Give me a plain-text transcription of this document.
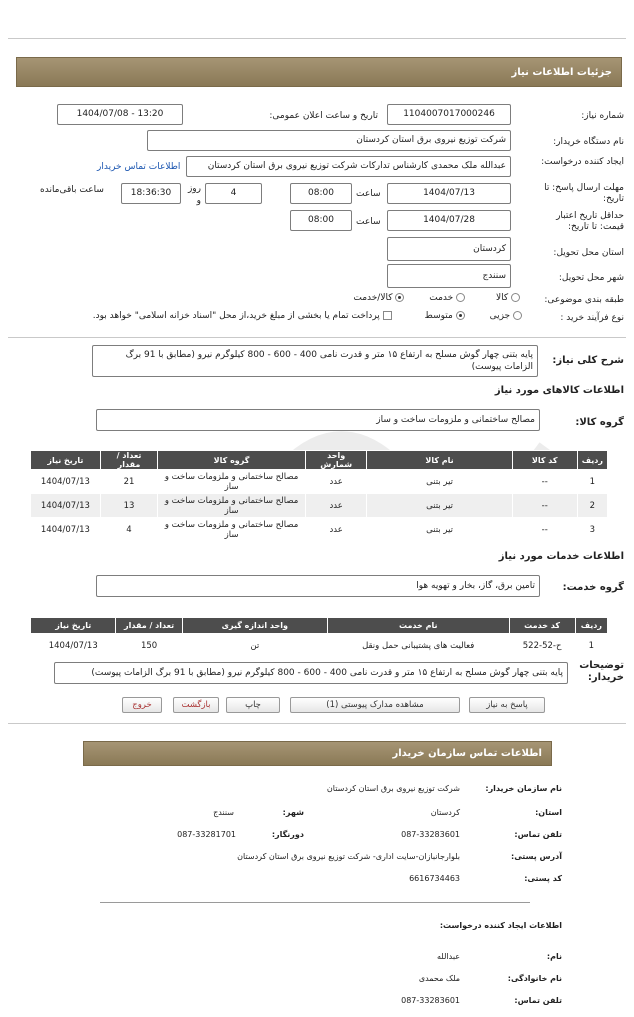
جزئیات اطلاعات نیاز
شماره نیاز:
1104007017000246
تاریخ و ساعت اعلان عمومی:
1404/07/08 - 13:20
نام دستگاه خریدار:
شرکت توزیع نیروی برق استان کردستان
ایجاد کننده درخواست:
عبدالله ملک محمدی کارشناس تدارکات شرکت توزیع نیروی برق استان کردستان
اطلاعات تماس خریدار
مهلت ارسال پاسخ: تا تاریخ:
1404/07/13
ساعت
08:00
4
روز و
18:36:30
ساعت باقی‌مانده
حداقل تاریخ اعتبار قیمت: تا تاریخ:
1404/07/28
ساعت
08:00
استان محل تحویل:
کردستان
شهر محل تحویل:
سنندج
طبقه بندی موضوعی:
کالا  خدمت  کالا/خدمت
نوع فرآیند خرید :
جزیی  متوسط  پرداخت تمام یا بخشی از مبلغ خرید،از محل "اسناد خزانه اسلامی" خواهد بود.
شرح کلی نیاز:
پایه بتنی چهار گوش مسلح به ارتفاع ۱۵ متر و قدرت نامی 400 - 600 - 800 کیلوگرم نیرو (مطابق با 91 برگ الزامات پیوست)
اطلاعات کالاهای مورد نیاز
گروه کالا:
مصالح ساختمانی و ملزومات ساخت و ساز
ردیف	کد کالا	نام کالا	واحد شمارش	گروه کالا	تعداد / مقدار	تاریخ نیاز
1	--	تیر بتنی	عدد	مصالح ساختمانی و ملزومات ساخت و ساز	21	1404/07/13
2	--	تیر بتنی	عدد	مصالح ساختمانی و ملزومات ساخت و ساز	13	1404/07/13
3	--	تیر بتنی	عدد	مصالح ساختمانی و ملزومات ساخت و ساز	4	1404/07/13
اطلاعات خدمات مورد نیاز
گروه خدمت:
تامین برق، گاز، بخار و تهویه هوا
ردیف	کد خدمت	نام خدمت	واحد اندازه گیری	تعداد / مقدار	تاریخ نیاز
1	ح-52-522	فعالیت های پشتیبانی حمل ونقل	تن	150	1404/07/13
توضیحات خریدار:
پایه بتنی چهار گوش مسلح به ارتفاع ۱۵ متر و قدرت نامی 400 - 600 - 800 کیلوگرم نیرو (مطابق با 91 برگ الزامات پیوست)
پاسخ به نیاز
مشاهده مدارک پیوستی (1)
چاپ
بازگشت
خروج
اطلاعات تماس سازمان خریدار
نام سازمان خریدار:
شرکت توزیع نیروی برق استان کردستان
استان:
کردستان
شهر:
سنندج
تلفن تماس:
087-33283601
دورنگار:
087-33281701
آدرس پستی:
بلوارجانبازان-سایت اداری- شرکت توزیع نیروی برق استان کردستان
کد پستی:
6616734463
اطلاعات ایجاد کننده درخواست:
نام:
عبدالله
نام خانوادگی:
ملک محمدی
تلفن تماس:
087-33283601
